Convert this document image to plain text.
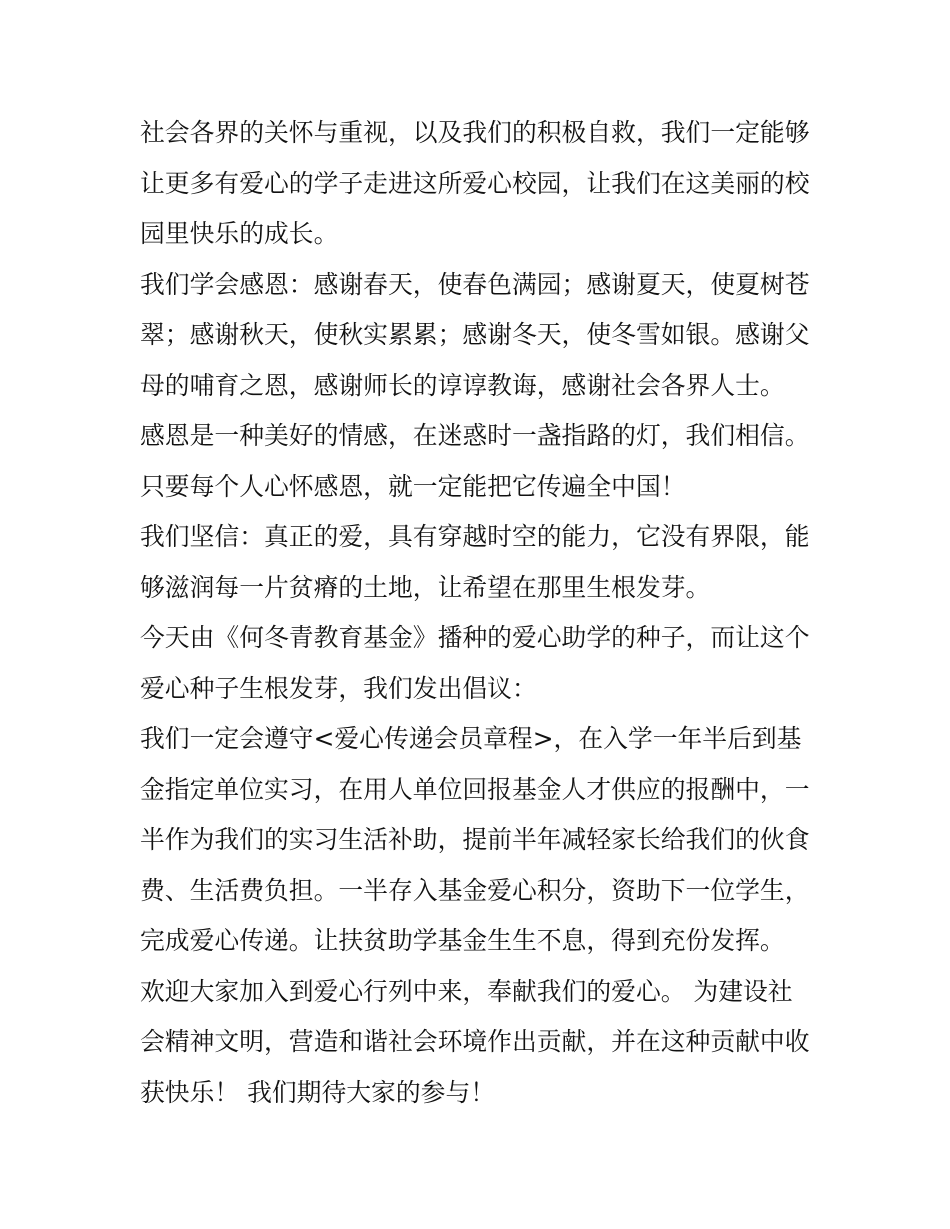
社会各界的关怀与重视，以及我们的积极自救，我们一定能够
让更多有爱心的学子走进这所爱心校园，让我们在这美丽的校
园里快乐的成长。
我们学会感恩：感谢春天，使春色满园；感谢夏天，使夏树苍
翠；感谢秋天，使秋实累累；感谢冬天，使冬雪如银。感谢父
母的哺育之恩，感谢师长的谆谆教诲，感谢社会各界人士。
感恩是一种美好的情感，在迷惑时一盏指路的灯，我们相信。
只要每个人心怀感恩，就一定能把它传遍全中国！
我们坚信：真正的爱，具有穿越时空的能力，它没有界限，能
够滋润每一片贫瘠的土地，让希望在那里生根发芽。
今天由《何冬青教育基金》播种的爱心助学的种子，而让这个
爱心种子生根发芽，我们发出倡议：
我们一定会遵守<爱心传递会员章程>，在入学一年半后到基
金指定单位实习，在用人单位回报基金人才供应的报酬中，一
半作为我们的实习生活补助，提前半年减轻家长给我们的伙食
费、生活费负担。一半存入基金爱心积分，资助下一位学生，
完成爱心传递。让扶贫助学基金生生不息，得到充份发挥。
欢迎大家加入到爱心行列中来，奉献我们的爱心。 为建设社
会精神文明，营造和谐社会环境作出贡献，并在这种贡献中收
获快乐！ 我们期待大家的参与！
